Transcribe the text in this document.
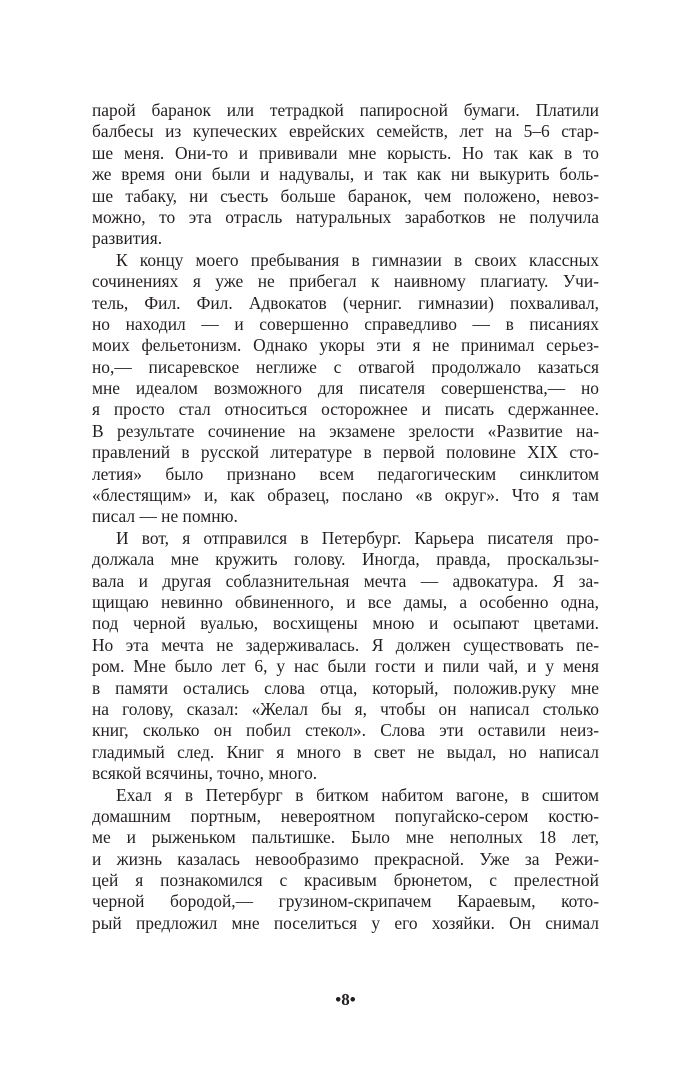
парой баранок или тетрадкой папиросной бумаги. Платили
балбесы из купеческих еврейских семейств, лет на 5–6 стар-
ше меня. Они-то и прививали мне корысть. Но так как в то
же время они были и надувалы, и так как ни выкурить боль-
ше табаку, ни съесть больше баранок, чем положено, невоз-
можно, то эта отрасль натуральных заработков не получила
развития.
К концу моего пребывания в гимназии в своих классных
сочинениях я уже не прибегал к наивному плагиату. Учи-
тель, Фил. Фил. Адвокатов (черниг. гимназии) похваливал,
но находил — и совершенно справедливо — в писаниях
моих фельетонизм. Однако укоры эти я не принимал серьез-
но,— писаревское неглиже с отвагой продолжало казаться
мне идеалом возможного для писателя совершенства,— но
я просто стал относиться осторожнее и писать сдержаннее.
В результате сочинение на экзамене зрелости «Развитие на-
правлений в русской литературе в первой половине XIX сто-
летия» было признано всем педагогическим синклитом
«блестящим» и, как образец, послано «в округ». Что я там
писал — не помню.
И вот, я отправился в Петербург. Карьера писателя про-
должала мне кружить голову. Иногда, правда, проскальзы-
вала и другая соблазнительная мечта — адвокатура. Я за-
щищаю невинно обвиненного, и все дамы, а особенно одна,
под черной вуалью, восхищены мною и осыпают цветами.
Но эта мечта не задерживалась. Я должен существовать пе-
ром. Мне было лет 6, у нас были гости и пили чай, и у меня
в памяти остались слова отца, который, положив.руку мне
на голову, сказал: «Желал бы я, чтобы он написал столько
книг, сколько он побил стекол». Слова эти оставили неиз-
гладимый след. Книг я много в свет не выдал, но написал
всякой всячины, точно, много.
Ехал я в Петербург в битком набитом вагоне, в сшитом
домашним портным, невероятном попугайско-сером костю-
ме и рыженьком пальтишке. Было мне неполных 18 лет,
и жизнь казалась невообразимо прекрасной. Уже за Режи-
цей я познакомился с красивым брюнетом, с прелестной
черной бородой,— грузином-скрипачем Караевым, кото-
рый предложил мне поселиться у его хозяйки. Он снимал
•8•
